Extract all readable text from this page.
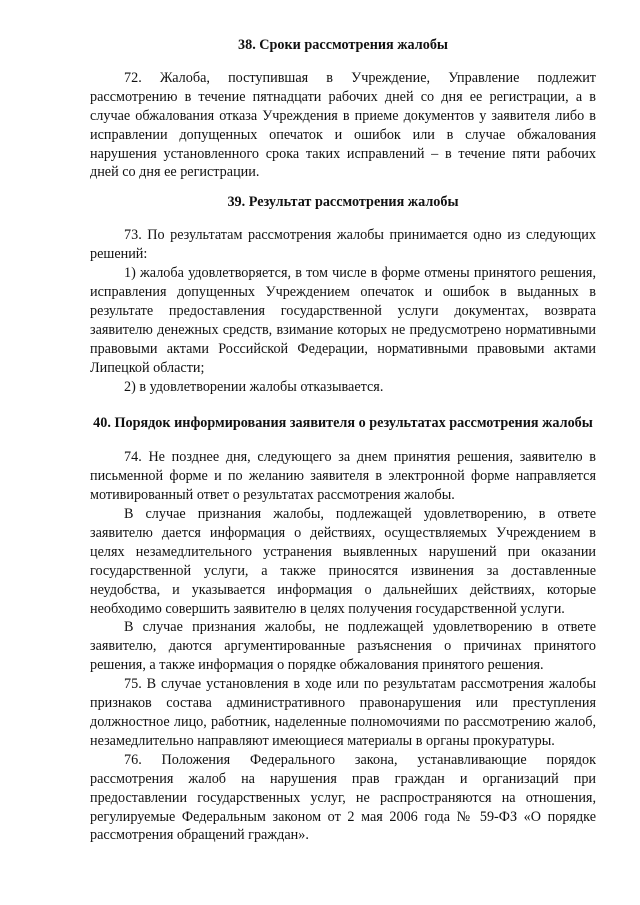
38. Сроки рассмотрения жалобы

72. Жалоба, поступившая в Учреждение, Управление подлежит рассмотрению в течение пятнадцати рабочих дней со дня ее регистрации, а в случае обжалования отказа Учреждения в приеме документов у заявителя либо в исправлении допущенных опечаток и ошибок или в случае обжалования нарушения установленного срока таких исправлений – в течение пяти рабочих дней со дня ее регистрации.

39. Результат рассмотрения жалобы

73. По результатам рассмотрения жалобы принимается одно из следующих решений:

1) жалоба удовлетворяется, в том числе в форме отмены принятого решения, исправления допущенных Учреждением опечаток и ошибок в выданных в результате предоставления государственной услуги документах, возврата заявителю денежных средств, взимание которых не предусмотрено нормативными правовыми актами Российской Федерации, нормативными правовыми актами Липецкой области;

2) в удовлетворении жалобы отказывается.

40. Порядок информирования заявителя о результатах рассмотрения жалобы

74. Не позднее дня, следующего за днем принятия решения, заявителю в письменной форме и по желанию заявителя в электронной форме направляется мотивированный ответ о результатах рассмотрения жалобы.

В случае признания жалобы, подлежащей удовлетворению, в ответе заявителю дается информация о действиях, осуществляемых Учреждением в целях незамедлительного устранения выявленных нарушений при оказании государственной услуги, а также приносятся извинения за доставленные неудобства, и указывается информация о дальнейших действиях, которые необходимо совершить заявителю в целях получения государственной услуги.

В случае признания жалобы, не подлежащей удовлетворению в ответе заявителю, даются аргументированные разъяснения о причинах принятого решения, а также информация о порядке обжалования принятого решения.

75. В случае установления в ходе или по результатам рассмотрения жалобы признаков состава административного правонарушения или преступления должностное лицо, работник, наделенные полномочиями по рассмотрению жалоб, незамедлительно направляют имеющиеся материалы в органы прокуратуры.

76. Положения Федерального закона, устанавливающие порядок рассмотрения жалоб на нарушения прав граждан и организаций при предоставлении государственных услуг, не распространяются на отношения, регулируемые Федеральным законом от 2 мая 2006 года № 59-ФЗ «О порядке рассмотрения обращений граждан».
